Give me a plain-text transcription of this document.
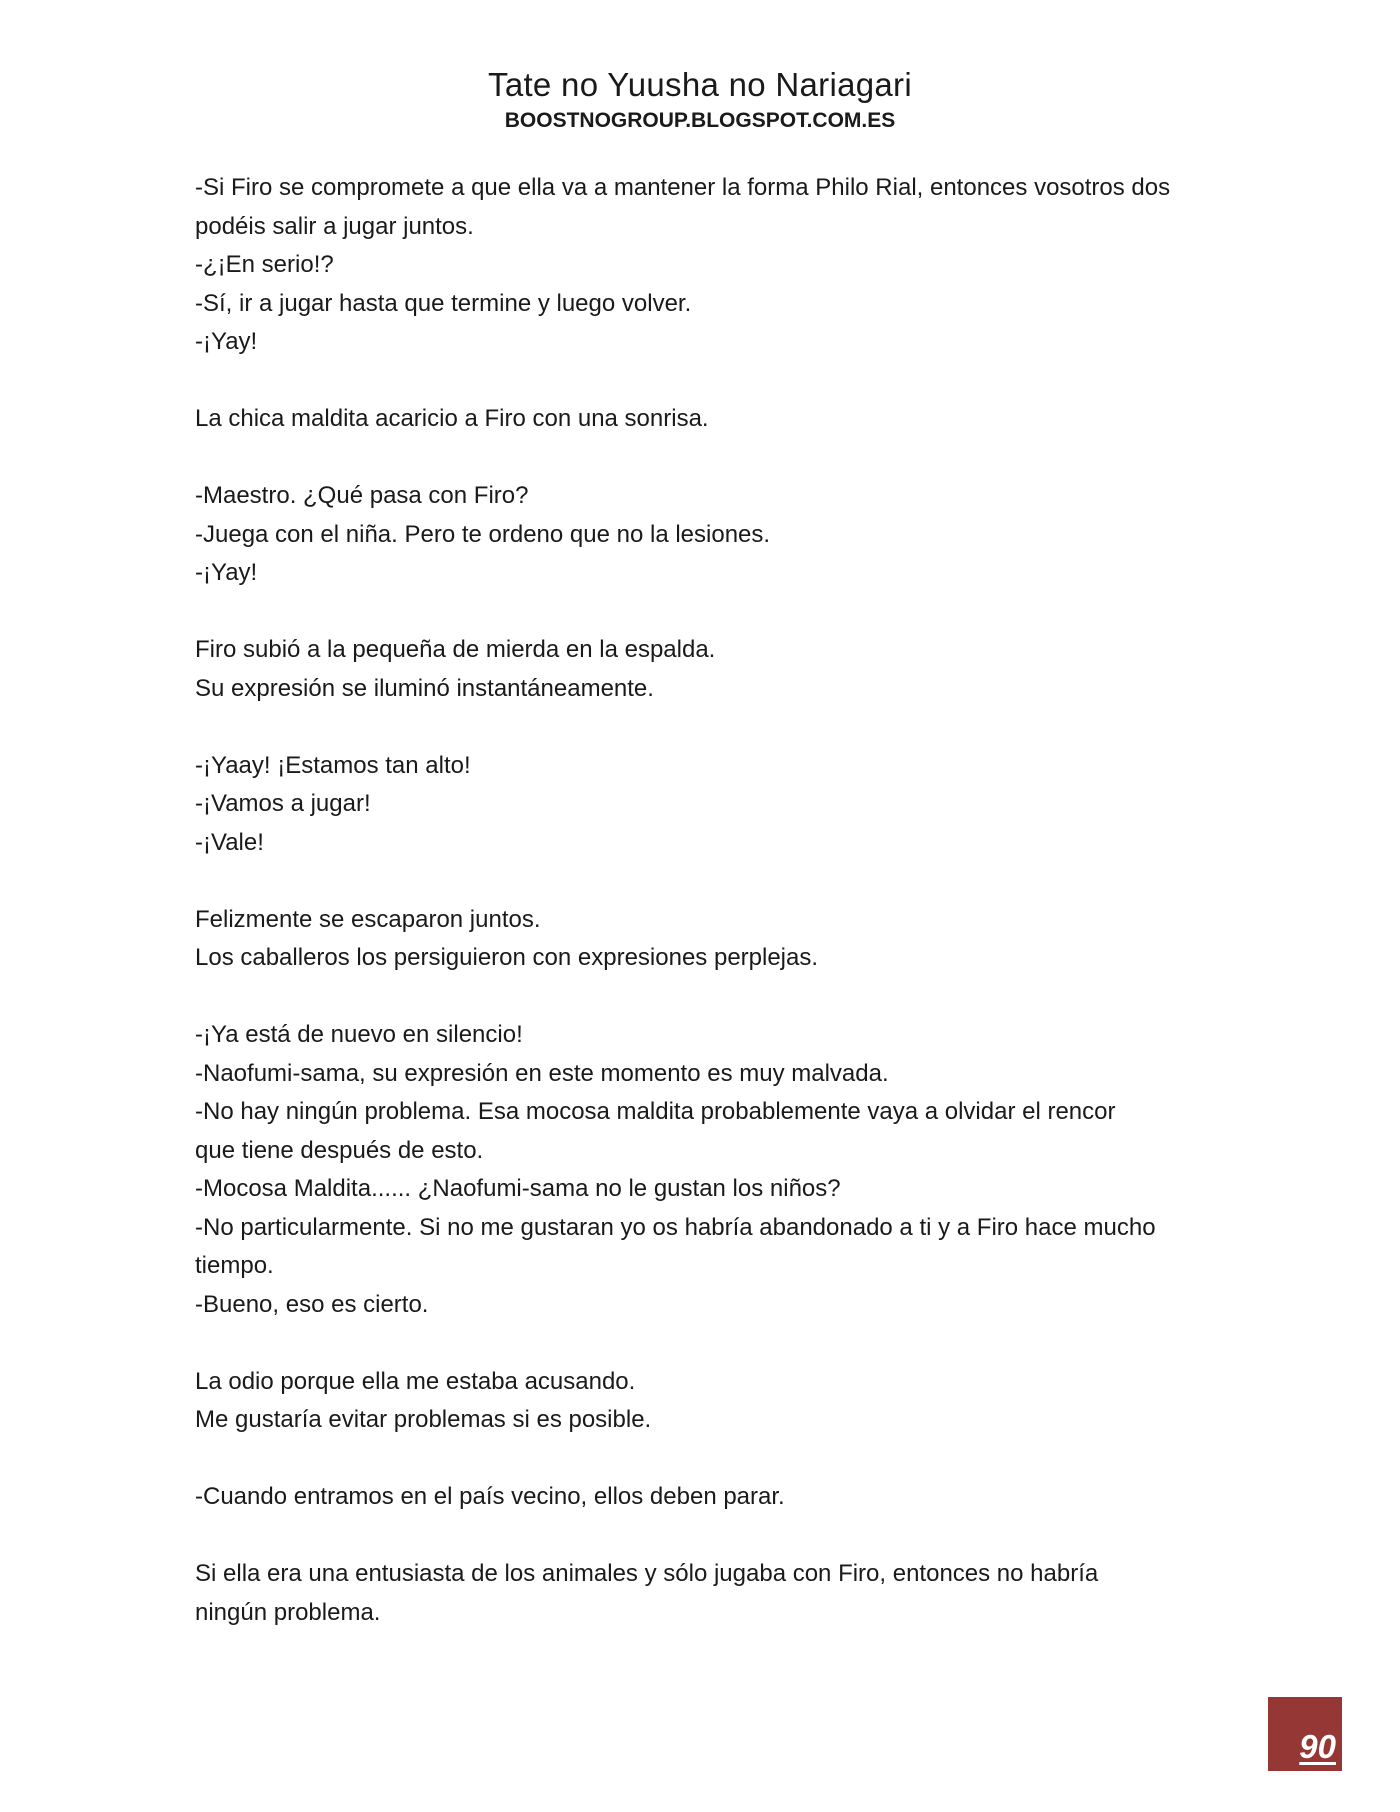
Tate no Yuusha no Nariagari
BOOSTNOGROUP.BLOGSPOT.COM.ES
-Si Firo se compromete a que ella va a mantener la forma Philo Rial, entonces vosotros dos
podéis salir a jugar juntos.
-¿¡En serio!?
-Sí, ir a jugar hasta que termine y luego volver.
-¡Yay!
La chica maldita acaricio a Firo con una sonrisa.
-Maestro. ¿Qué pasa con Firo?
-Juega con el niña. Pero te ordeno que no la lesiones.
-¡Yay!
Firo subió a la pequeña de mierda en la espalda.
Su expresión se iluminó instantáneamente.
-¡Yaay! ¡Estamos tan alto!
-¡Vamos a jugar!
-¡Vale!
Felizmente se escaparon juntos.
Los caballeros los persiguieron con expresiones perplejas.
-¡Ya está de nuevo en silencio!
-Naofumi-sama, su expresión en este momento es muy malvada.
-No hay ningún problema. Esa mocosa maldita probablemente vaya a olvidar el rencor
que tiene después de esto.
-Mocosa Maldita...... ¿Naofumi-sama no le gustan los niños?
-No particularmente. Si no me gustaran yo os habría abandonado a ti y a Firo hace mucho
tiempo.
-Bueno, eso es cierto.
La odio porque ella me estaba acusando.
Me gustaría evitar problemas si es posible.
-Cuando entramos en el país vecino, ellos deben parar.
Si ella era una entusiasta de los animales y sólo jugaba con Firo, entonces no habría
ningún problema.
90
